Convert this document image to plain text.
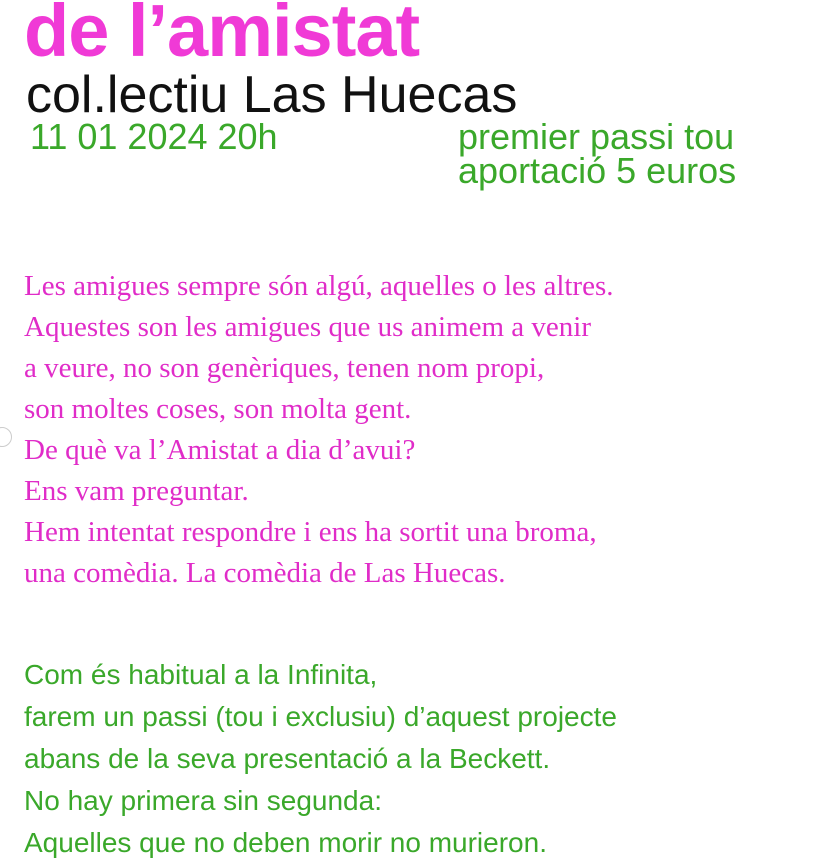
de l’amistat
col.lectiu Las Huecas
11 01 2024 20h	premier passi tou
aportació 5 euros
Les amigues sempre són algú, aquelles o les altres.
Aquestes son les amigues que us animem a venir
a veure, no son genèriques, tenen nom propi,
son moltes coses, son molta gent.
De què va l’Amistat a dia d’avui?
Ens vam preguntar.
Hem intentat respondre i ens ha sortit una broma,
una comèdia. La comèdia de Las Huecas.
Com és habitual a la Infinita,
farem un passi (tou i exclusiu) d’aquest projecte
abans de la seva presentació a la Beckett.
No hay primera sin segunda:
Aquelles que no deben morir no murieron.
